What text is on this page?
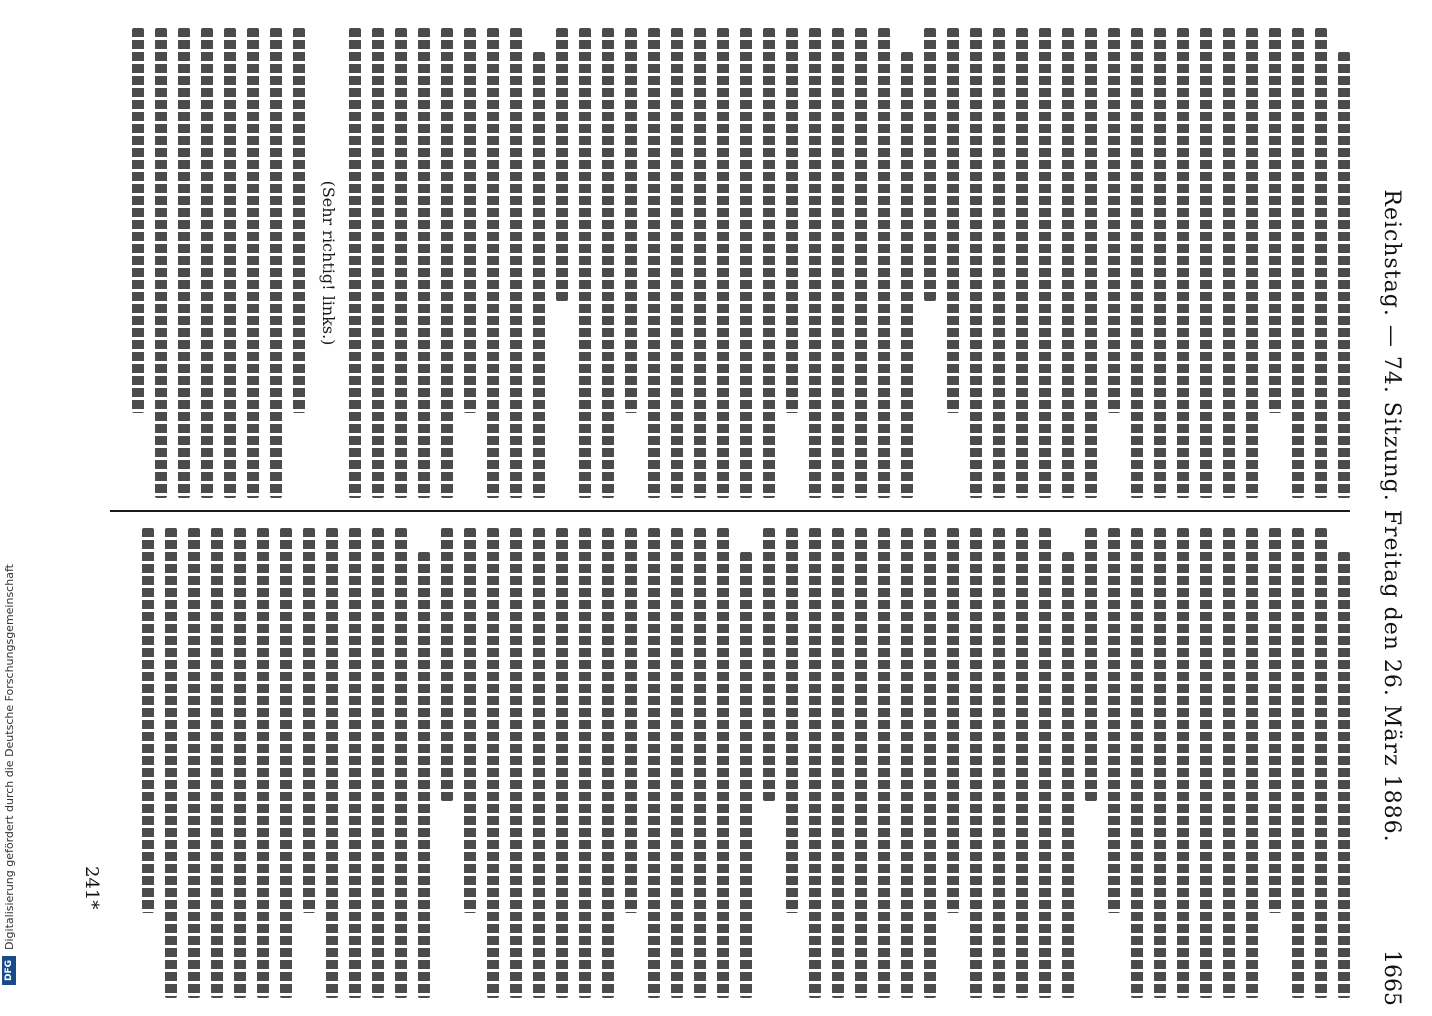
Reichstag. — 74. Sitzung. Freitag den 26. März 1886.
1665
(Sehr richtig! links.)
241*
DFG
Digitalisierung gefördert durch die Deutsche Forschungsgemeinschaft
